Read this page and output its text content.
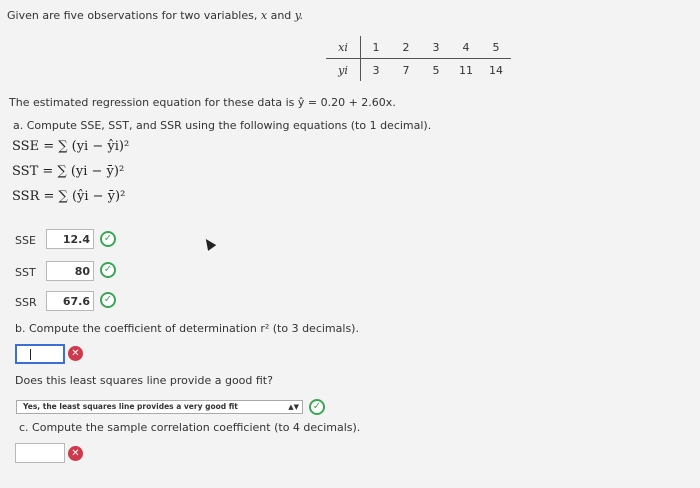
Given are five observations for two variables, x and y.
xi	1	2	3	4	5
yi	3	7	5	11	14
The estimated regression equation for these data is ŷ = 0.20 + 2.60x.
a. Compute SSE, SST, and SSR using the following equations (to 1 decimal).
SSE = ∑ (yi − ŷi)²
SST = ∑ (yi − ȳ)²
SSR = ∑ (ŷi − ȳ)²
SSE	12.4	✓
SST	80	✓
SSR	67.6	✓
b. Compute the coefficient of determination r² (to 3 decimals).
✕
Does this least squares line provide a good fit?
Yes, the least squares line provides a very good fit	▲▼	✓
c. Compute the sample correlation coefficient (to 4 decimals).
✕
